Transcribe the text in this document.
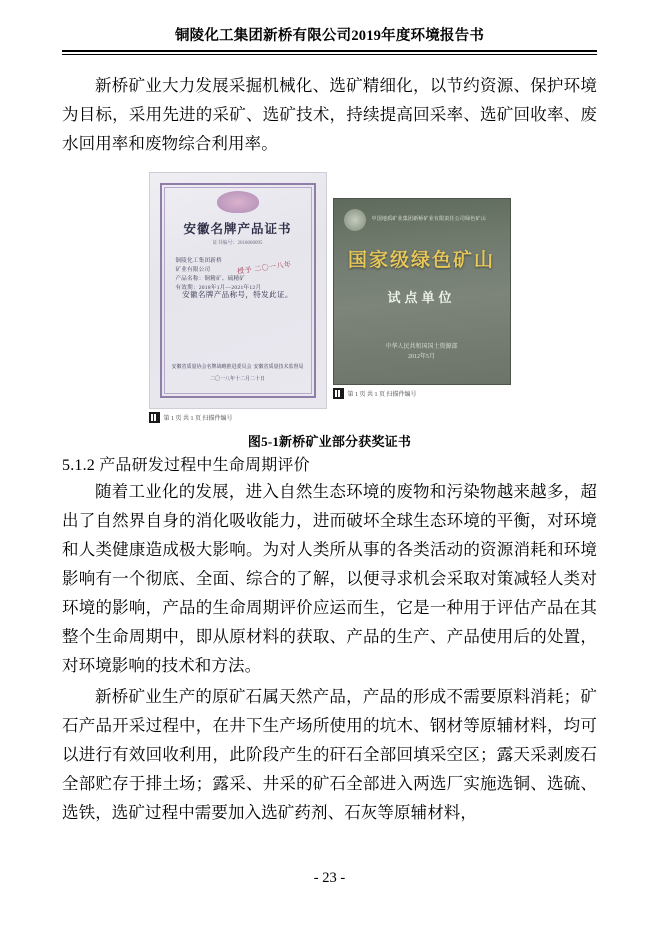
铜陵化工集团新桥有限公司2019年度环境报告书

新桥矿业大力发展采掘机械化、选矿精细化，以节约资源、保护环境为目标，采用先进的采矿、选矿技术，持续提高回采率、选矿回收率、废水回用率和废物综合利用率。

安徽名牌产品证书
证书编号：2018000095
铜陵化工集团新桥
矿业有限公司
产品名称：铜精矿、硫精矿
有效期：2018年1月—2021年12月
授予 二〇一八年
安徽名牌产品称号，特发此证。
安徽省质量协会名牌战略推进委员会 安徽省质量技术监督局
二〇一八年十二月二十日
第 1 页 共 1 页 扫描件编号
中国地质矿业集团新桥矿业有限责任公司绿色矿山
国家级绿色矿山
试点单位
中华人民共和国国土资源部
2012年5月
第 1 页 共 1 页 扫描件编号
图5-1新桥矿业部分获奖证书
5.1.2 产品研发过程中生命周期评价

随着工业化的发展，进入自然生态环境的废物和污染物越来越多，超出了自然界自身的消化吸收能力，进而破坏全球生态环境的平衡，对环境和人类健康造成极大影响。为对人类所从事的各类活动的资源消耗和环境影响有一个彻底、全面、综合的了解，以便寻求机会采取对策减轻人类对环境的影响，产品的生命周期评价应运而生，它是一种用于评估产品在其整个生命周期中，即从原材料的获取、产品的生产、产品使用后的处置，对环境影响的技术和方法。

新桥矿业生产的原矿石属天然产品，产品的形成不需要原料消耗；矿石产品开采过程中，在井下生产场所使用的坑木、钢材等原辅材料，均可以进行有效回收利用，此阶段产生的矸石全部回填采空区；露天采剥废石全部贮存于排土场；露采、井采的矿石全部进入两选厂实施选铜、选硫、选铁，选矿过程中需要加入选矿药剂、石灰等原辅材料，

- 23 -
